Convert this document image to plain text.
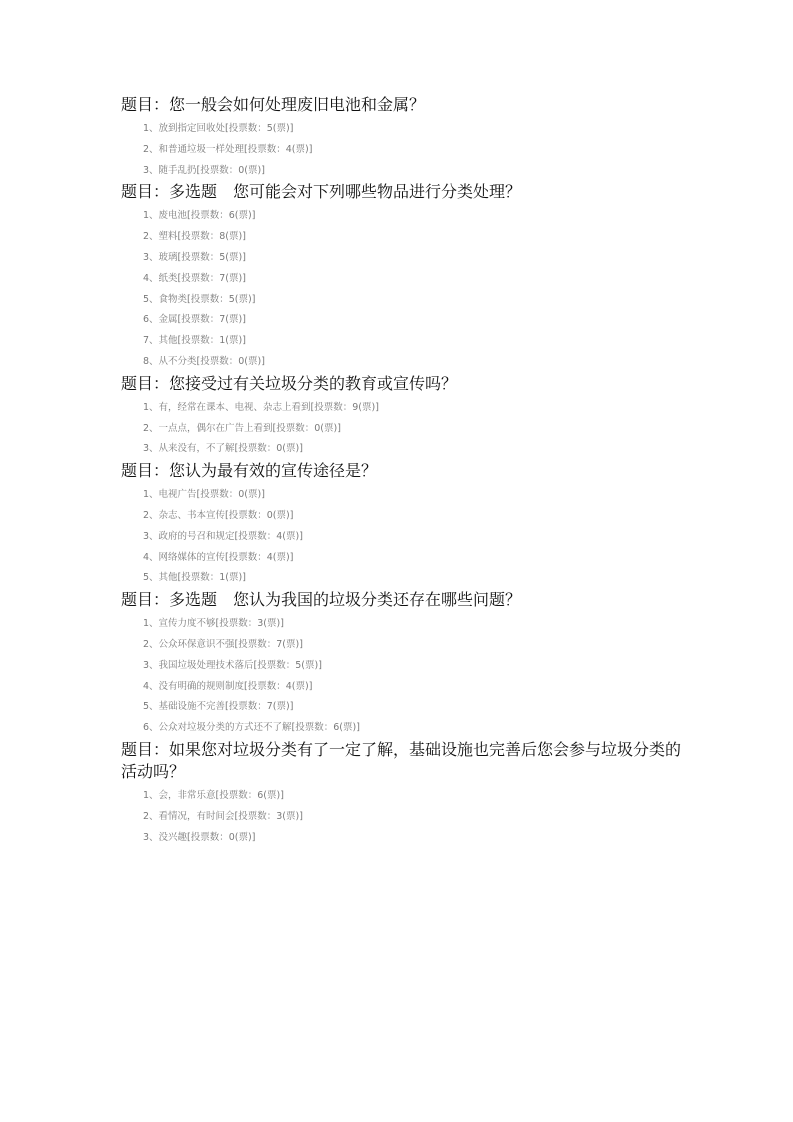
题目：您一般会如何处理废旧电池和金属？

1、放到指定回收处[投票数：5(票)]
2、和普通垃圾一样处理[投票数：4(票)]
3、随手乱扔[投票数：0(票)]

题目：多选题　您可能会对下列哪些物品进行分类处理？

1、废电池[投票数：6(票)]
2、塑料[投票数：8(票)]
3、玻璃[投票数：5(票)]
4、纸类[投票数：7(票)]
5、食物类[投票数：5(票)]
6、金属[投票数：7(票)]
7、其他[投票数：1(票)]
8、从不分类[投票数：0(票)]

题目：您接受过有关垃圾分类的教育或宣传吗？

1、有，经常在课本、电视、杂志上看到[投票数：9(票)]
2、一点点，偶尔在广告上看到[投票数：0(票)]
3、从来没有，不了解[投票数：0(票)]

题目：您认为最有效的宣传途径是？

1、电视广告[投票数：0(票)]
2、杂志、书本宣传[投票数：0(票)]
3、政府的号召和规定[投票数：4(票)]
4、网络媒体的宣传[投票数：4(票)]
5、其他[投票数：1(票)]

题目：多选题　您认为我国的垃圾分类还存在哪些问题？

1、宣传力度不够[投票数：3(票)]
2、公众环保意识不强[投票数：7(票)]
3、我国垃圾处理技术落后[投票数：5(票)]
4、没有明确的规则制度[投票数：4(票)]
5、基础设施不完善[投票数：7(票)]
6、公众对垃圾分类的方式还不了解[投票数：6(票)]

题目：如果您对垃圾分类有了一定了解，基础设施也完善后您会参与垃圾分类的活动吗？

1、会，非常乐意[投票数：6(票)]
2、看情况，有时间会[投票数：3(票)]
3、没兴趣[投票数：0(票)]
